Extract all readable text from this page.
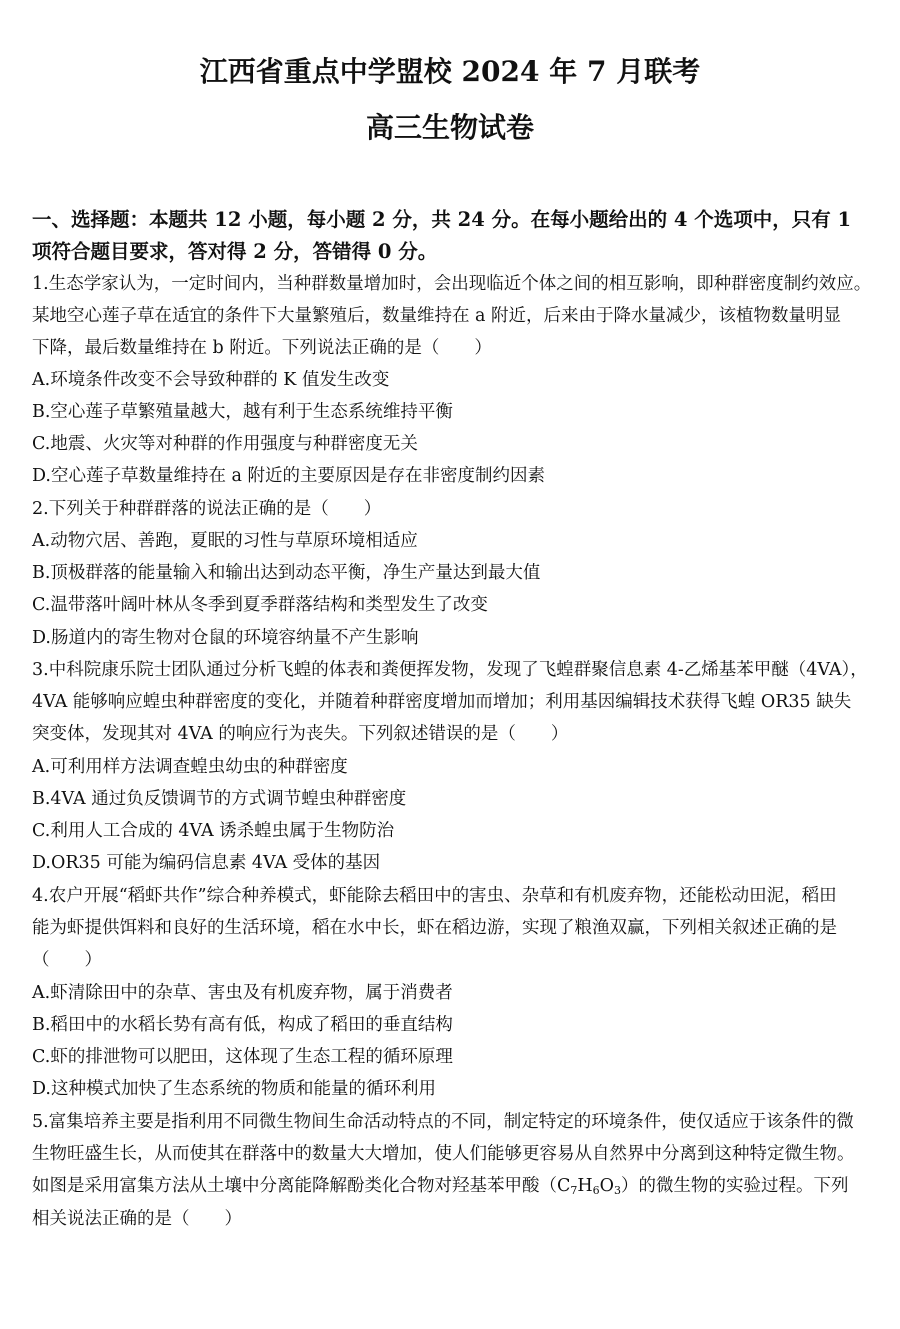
江西省重点中学盟校 2024 年 7 月联考
高三生物试卷
一、选择题：本题共 12 小题，每小题 2 分，共 24 分。在每小题给出的 4 个选项中，只有 1
项符合题目要求，答对得 2 分，答错得 0 分。
1.生态学家认为，一定时间内，当种群数量增加时，会出现临近个体之间的相互影响，即种群密度制约效应。
某地空心莲子草在适宜的条件下大量繁殖后，数量维持在 a 附近，后来由于降水量减少，该植物数量明显
下降，最后数量维持在 b 附近。下列说法正确的是（　　）
A.环境条件改变不会导致种群的 K 值发生改变
B.空心莲子草繁殖量越大，越有利于生态系统维持平衡
C.地震、火灾等对种群的作用强度与种群密度无关
D.空心莲子草数量维持在 a 附近的主要原因是存在非密度制约因素
2.下列关于种群群落的说法正确的是（　　）
A.动物穴居、善跑，夏眠的习性与草原环境相适应
B.顶极群落的能量输入和输出达到动态平衡，净生产量达到最大值
C.温带落叶阔叶林从冬季到夏季群落结构和类型发生了改变
D.肠道内的寄生物对仓鼠的环境容纳量不产生影响
3.中科院康乐院士团队通过分析飞蝗的体表和粪便挥发物，发现了飞蝗群聚信息素 4-乙烯基苯甲醚（4VA），
4VA 能够响应蝗虫种群密度的变化，并随着种群密度增加而增加；利用基因编辑技术获得飞蝗 OR35 缺失
突变体，发现其对 4VA 的响应行为丧失。下列叙述错误的是（　　）
A.可利用样方法调查蝗虫幼虫的种群密度
B.4VA 通过负反馈调节的方式调节蝗虫种群密度
C.利用人工合成的 4VA 诱杀蝗虫属于生物防治
D.OR35 可能为编码信息素 4VA 受体的基因
4.农户开展“稻虾共作”综合种养模式，虾能除去稻田中的害虫、杂草和有机废弃物，还能松动田泥，稻田
能为虾提供饵料和良好的生活环境，稻在水中长，虾在稻边游，实现了粮渔双赢，下列相关叙述正确的是
（　　）
A.虾清除田中的杂草、害虫及有机废弃物，属于消费者
B.稻田中的水稻长势有高有低，构成了稻田的垂直结构
C.虾的排泄物可以肥田，这体现了生态工程的循环原理
D.这种模式加快了生态系统的物质和能量的循环利用
5.富集培养主要是指利用不同微生物间生命活动特点的不同，制定特定的环境条件，使仅适应于该条件的微
生物旺盛生长，从而使其在群落中的数量大大增加，使人们能够更容易从自然界中分离到这种特定微生物。
如图是采用富集方法从土壤中分离能降解酚类化合物对羟基苯甲酸$(C_7H_6O_3)$的微生物的实验过程。下列
相关说法正确的是（　　）
